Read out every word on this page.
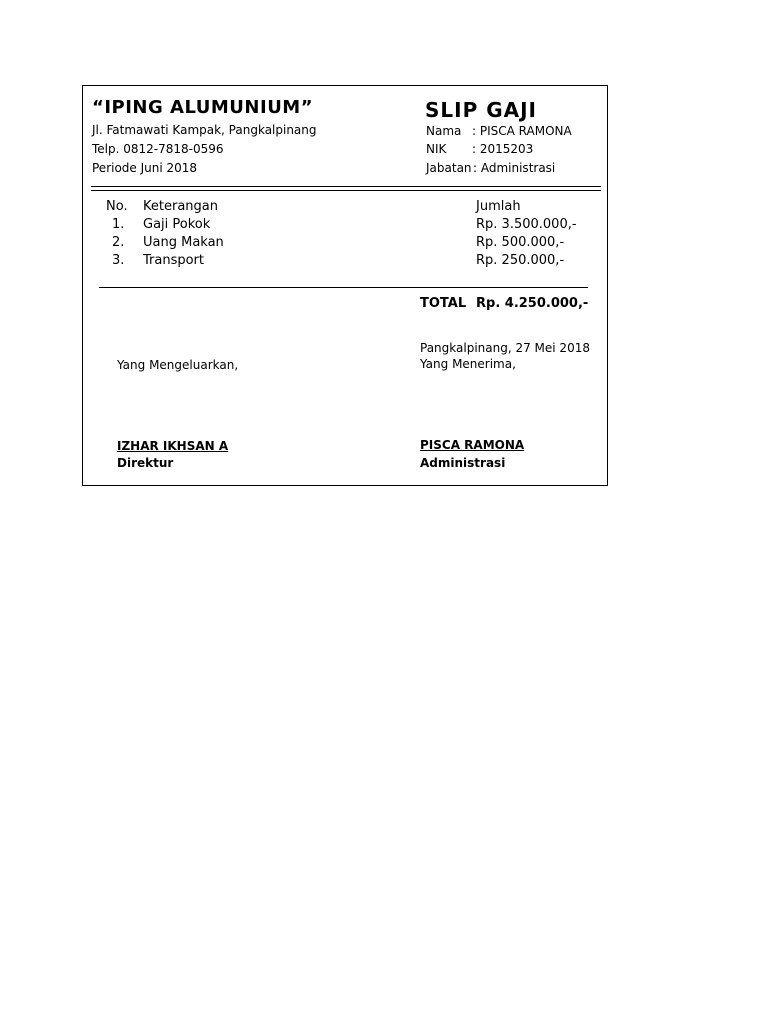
“IPING ALUMUNIUM”
Jl. Fatmawati Kampak, Pangkalpinang
Telp. 0812-7818-0596
Periode Juni 2018
SLIP GAJI
Nama : PISCA RAMONA
NIK : 2015203
Jabatan : Administrasi
No. Keterangan	Jumlah
1. Gaji Pokok	Rp. 3.500.000,-
2. Uang Makan	Rp. 500.000,-
3. Transport	Rp. 250.000,-
TOTAL Rp. 4.250.000,-
Pangkalpinang, 27 Mei 2018
Yang Mengeluarkan,	Yang Menerima,
IZHAR IKHSAN A
Direktur
PISCA RAMONA
Administrasi
